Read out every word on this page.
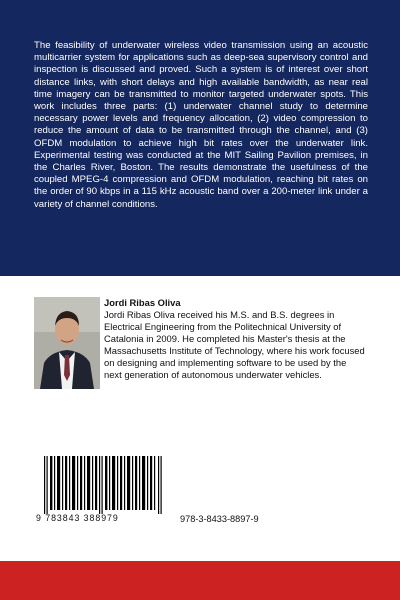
The feasibility of underwater wireless video transmission using an acoustic multicarrier system for applications such as deep-sea supervisory control and inspection is discussed and proved. Such a system is of interest over short distance links, with short delays and high available bandwidth, as near real time imagery can be transmitted to monitor targeted underwater spots. This work includes three parts: (1) underwater channel study to determine necessary power levels and frequency allocation, (2) video compression to reduce the amount of data to be transmitted through the channel, and (3) OFDM modulation to achieve high bit rates over the underwater link. Experimental testing was conducted at the MIT Sailing Pavilion premises, in the Charles River, Boston. The results demonstrate the usefulness of the coupled MPEG-4 compression and OFDM modulation, reaching bit rates on the order of 90 kbps in a 115 kHz acoustic band over a 200-meter link under a variety of channel conditions.

Jordi Ribas Oliva

Jordi Ribas Oliva received his M.S. and B.S. degrees in Electrical Engineering from the Politechnical University of Catalonia in 2009. He completed his Master's thesis at the Massachusetts Institute of Technology, where his work focused on designing and implementing software to be used by the next generation of autonomous underwater vehicles.

9 783843 388979	978-3-8433-8897-9
